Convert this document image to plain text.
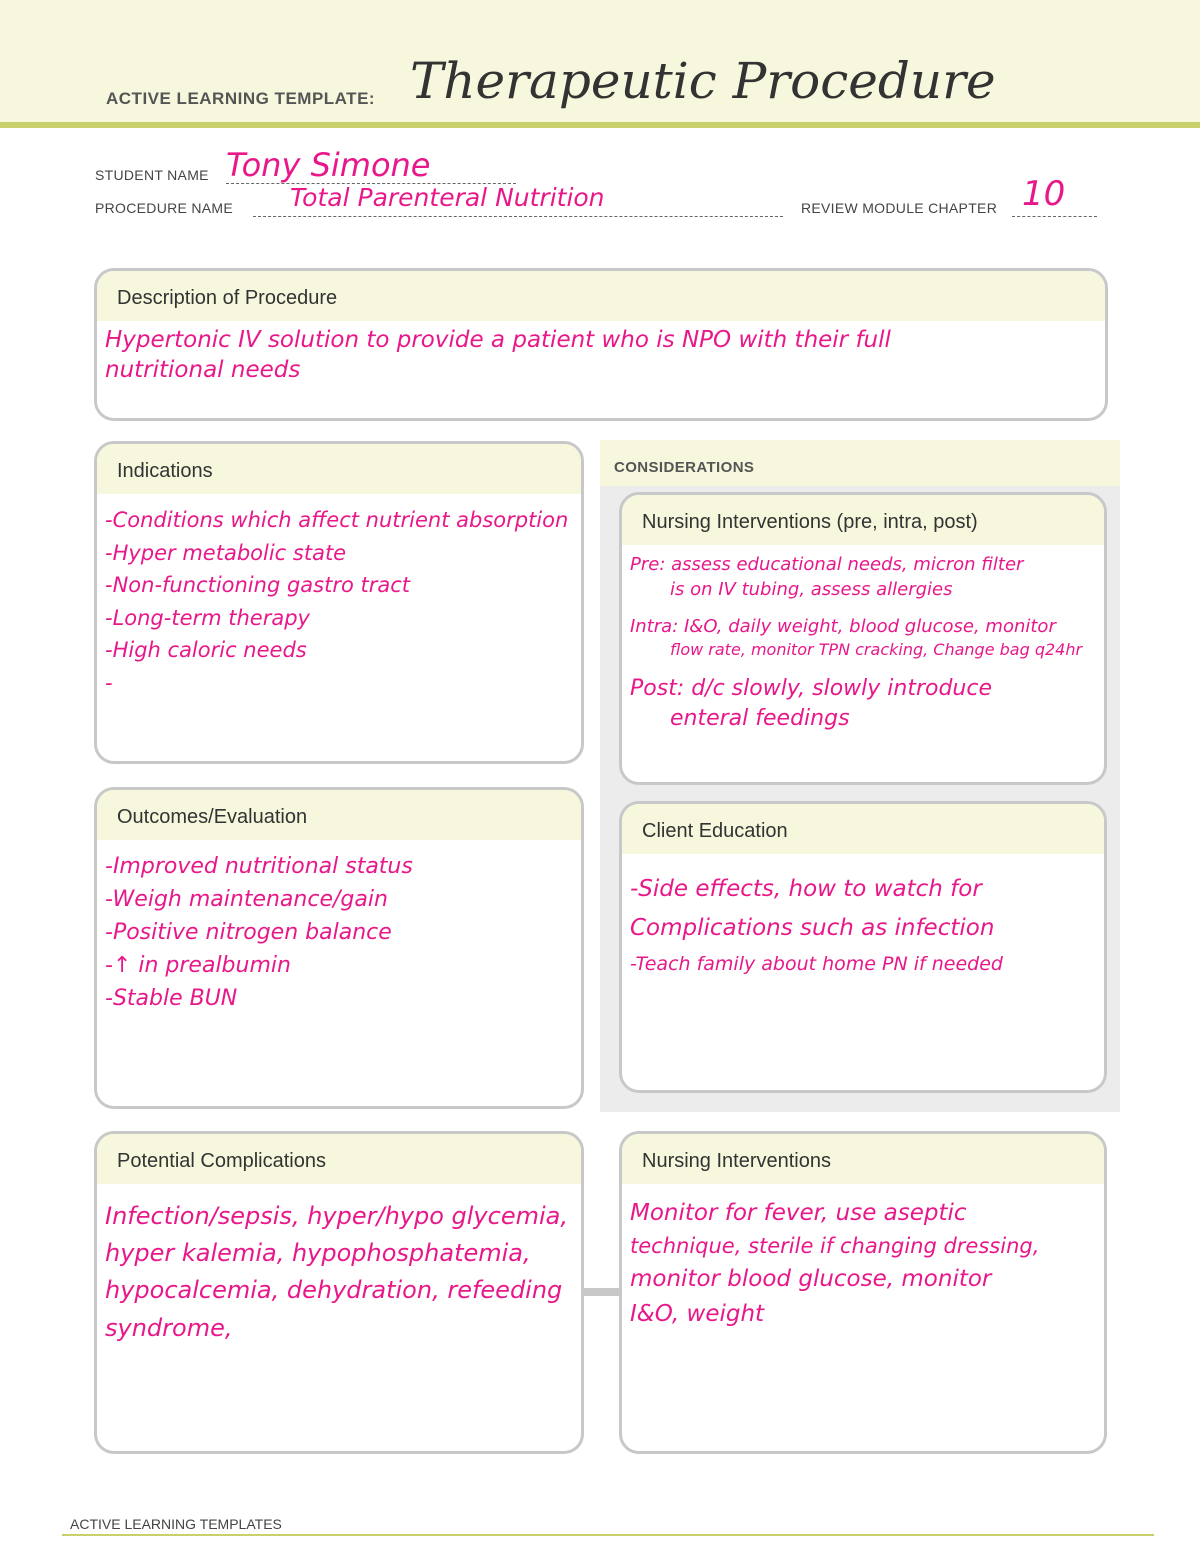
ACTIVE LEARNING TEMPLATE: Therapeutic Procedure
STUDENT NAME Tony Simone
PROCEDURE NAME Total Parenteral Nutrition	REVIEW MODULE CHAPTER 10
Description of Procedure
Hypertonic IV solution to provide a patient who is NPO with their full
nutritional needs
CONSIDERATIONS
Indications
-Conditions which affect nutrient absorption
-Hyper metabolic state
-Non-functioning gastro tract
-Long-term therapy
-High caloric needs
-
Nursing Interventions (pre, intra, post)
Pre: assess educational needs, micron filter
is on IV tubing, assess allergies
Intra: I&O, daily weight, blood glucose, monitor
flow rate, monitor TPN cracking, Change bag q24hr
Post: d/c slowly, slowly introduce
enteral feedings
Outcomes/Evaluation
-Improved nutritional status
-Weigh maintenance/gain
-Positive nitrogen balance
-↑ in prealbumin
-Stable BUN
Client Education
-Side effects, how to watch for
Complications such as infection
-Teach family about home PN if needed
Potential Complications
Infection/sepsis, hyper/hypo glycemia,
hyper kalemia, hypophosphatemia,
hypocalcemia, dehydration, refeeding
syndrome,
Nursing Interventions
Monitor for fever, use aseptic
technique, sterile if changing dressing,
monitor blood glucose, monitor
I&O, weight
ACTIVE LEARNING TEMPLATES
